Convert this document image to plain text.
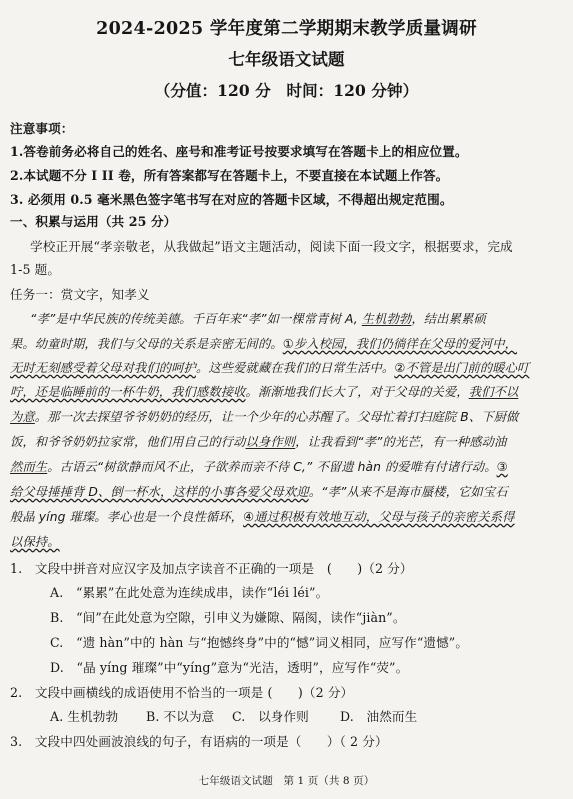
2024-2025 学年度第二学期期末教学质量调研
七年级语文试题
（分值：120 分　时间：120 分钟）
注意事项：
1.答卷前务必将自己的姓名、座号和准考证号按要求填写在答题卡上的相应位置。
2.本试题不分 I II 卷，所有答案都写在答题卡上，不要直接在本试题上作答。
3. 必须用 0.5 毫米黑色签字笔书写在对应的答题卡区域，不得超出规定范围。
一、积累与运用（共 25 分）
学校正开展“孝亲敬老，从我做起”语文主题活动，阅读下面一段文字，根据要求，完成
1-5 题。
任务一：赏文字，知孝义
“孝”是中华民族的传统美德。千百年来“孝”如一棵常青树 A, 生机勃勃，结出累累硕
果。幼童时期，我们与父母的关系是亲密无间的。①步入校园，我们仍徜徉在父母的爱河中，
无时无刻感受着父母对我们的呵护。这些爱就藏在我们的日常生活中。②不管是出门前的暖心叮
咛，还是临睡前的一杯牛奶，我们感数接收。渐渐地我们长大了，对于父母的关爱，我们不以
为意。那一次去探望爷爷奶奶的经历，让一个少年的心苏醒了。父母忙着打扫庭院 B、下厨做
饭，和爷爷奶奶拉家常，他们用自己的行动以身作则，让我看到“孝”的光芒，有一种感动油
然而生。古语云“树欲静而风不止，子欲养而亲不待 C,” 不留遗 hàn 的爱唯有付诸行动。③
给父母捶捶背 D、倒一杯水，这样的小事各爱父母欢迎。“孝”从来不是海市蜃楼，它如宝石
般晶 yíng 璀璨。孝心也是一个良性循环，④通过积极有效地互动，父母与孩子的亲密关系得
以保持。
1.　文段中拼音对应汉字及加点字读音不正确的一项是　(　　)（2 分）
A.　“累累”在此处意为连续成串，读作“léi léi”。
B.　“间”在此处意为空隙，引申义为嫌隙、隔阂，读作“jiàn”。
C.　“遗 hàn”中的 hàn 与“抱憾终身”中的“憾”词义相同，应写作“遗憾”。
D.　“晶 yíng 璀璨”中“yíng”意为“光洁，透明”，应写作“荧”。
2.　文段中画横线的成语使用不恰当的一项是 (　　)（2 分）
A. 生机勃勃 B. 不以为意 C.　以身作则 D.　油然而生
3.　文段中四处画波浪线的句子，有语病的一项是（　　）（ 2 分）
七年级语文试题　第 1 页（共 8 页）
